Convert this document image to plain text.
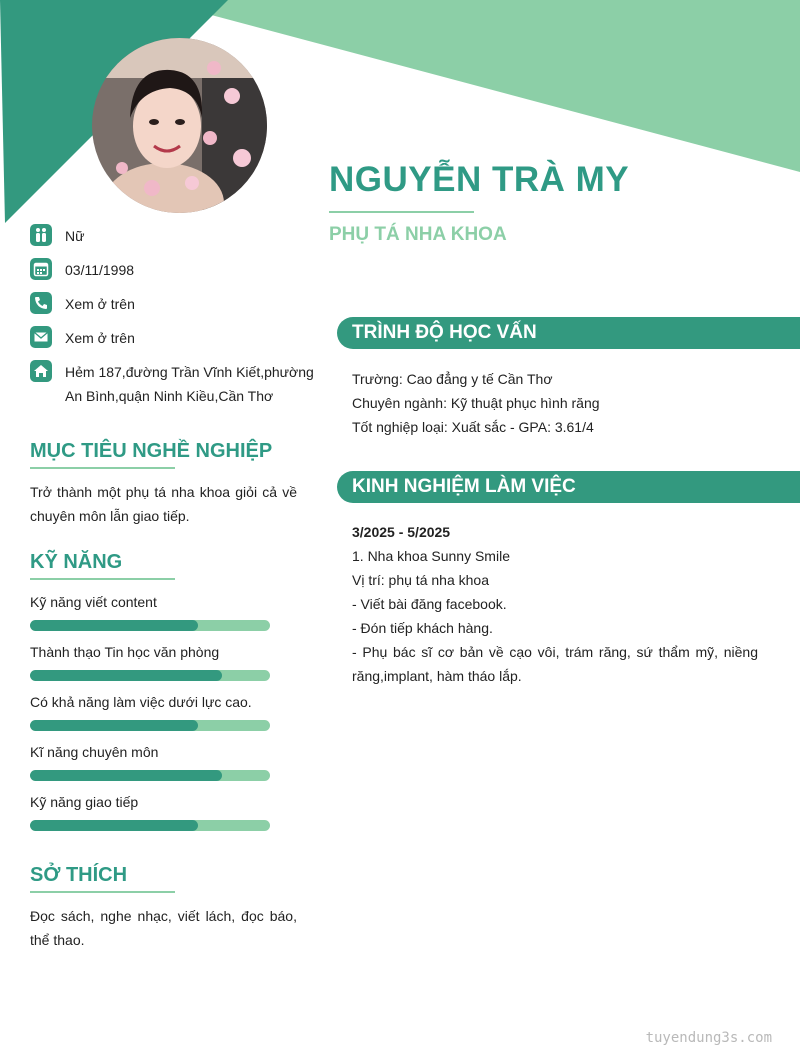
NGUYỄN TRÀ MY
PHỤ TÁ NHA KHOA
Nữ
03/11/1998
Xem ở trên
Xem ở trên
Hẻm 187,đường Trần Vĩnh Kiết,phường
An Bình,quận Ninh Kiều,Cần Thơ
MỤC TIÊU NGHỀ NGHIỆP

Trở thành một phụ tá nha khoa giỏi cả về chuyên môn lẫn giao tiếp.

KỸ NĂNG
Kỹ năng viết content
Thành thạo Tin học văn phòng
Có khả năng làm việc dưới lực cao.
Kĩ năng chuyên môn
Kỹ năng giao tiếp
SỞ THÍCH

Đọc sách, nghe nhạc, viết lách, đọc báo, thể thao.

TRÌNH ĐỘ HỌC VẤN
Trường: Cao đẳng y tế Cần Thơ
Chuyên ngành: Kỹ thuật phục hình răng
Tốt nghiệp loại: Xuất sắc - GPA: 3.61/4
KINH NGHIỆM LÀM VIỆC
3/2025 - 5/2025
1. Nha khoa Sunny Smile
Vị trí: phụ tá nha khoa
- Viết bài đăng facebook.
- Đón tiếp khách hàng.
- Phụ bác sĩ cơ bản về cạo vôi, trám răng, sứ thẩm mỹ, niềng răng,implant, hàm tháo lắp.
tuyendung3s.com
